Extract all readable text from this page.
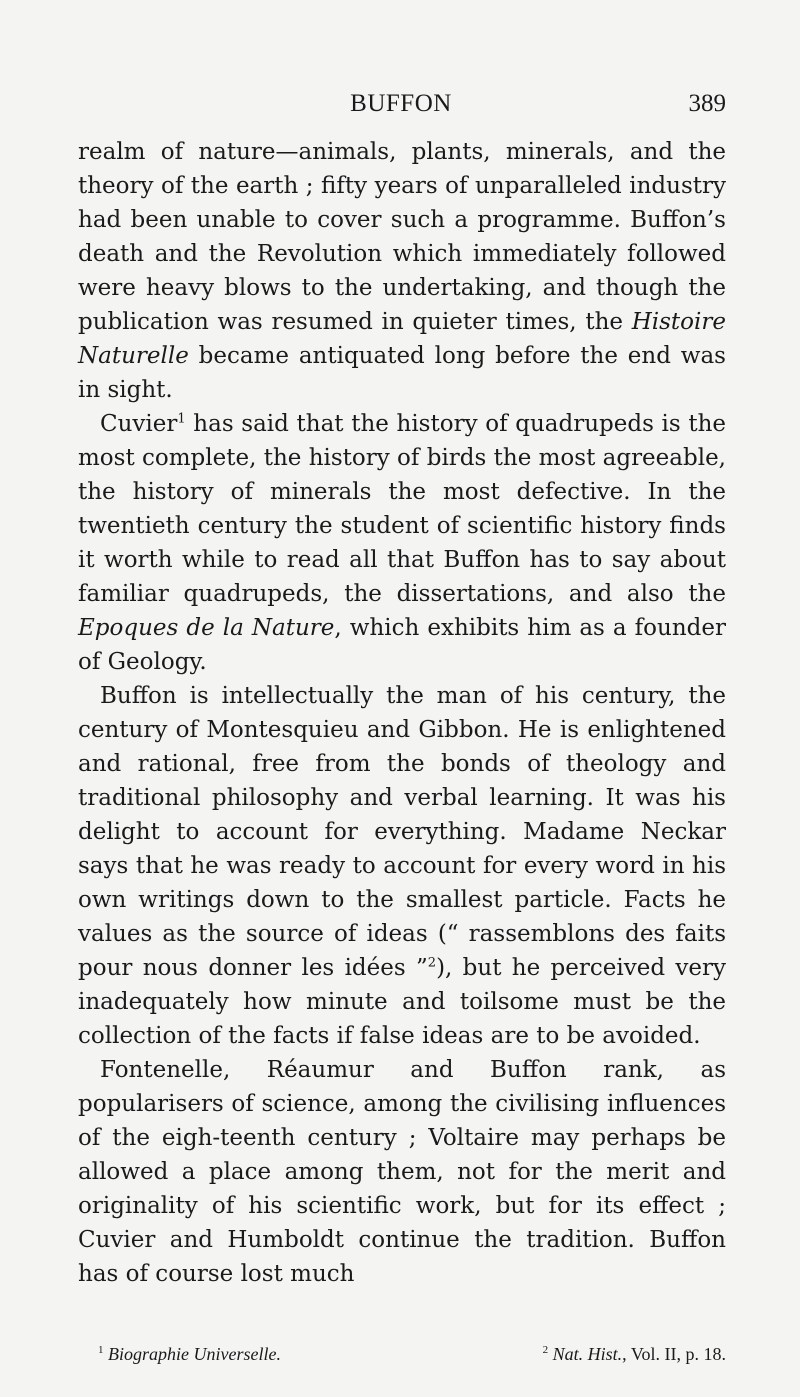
BUFFON	389

realm of nature—animals, plants, minerals, and the theory of the earth ; fifty years of unparalleled industry had been unable to cover such a programme. Buffon’s death and the Revolution which immediately followed were heavy blows to the undertaking, and though the publication was resumed in quieter times, the Histoire Naturelle became antiquated long before the end was in sight.

Cuvier$^1$ has said that the history of quadrupeds is the most complete, the history of birds the most agreeable, the history of minerals the most defective. In the twentieth century the student of scientific history finds it worth while to read all that Buffon has to say about familiar quadrupeds, the dissertations, and also the Epoques de la Nature, which exhibits him as a founder of Geology.

Buffon is intellectually the man of his century, the century of Montesquieu and Gibbon. He is enlightened and rational, free from the bonds of theology and traditional philosophy and verbal learning. It was his delight to account for everything. Madame Neckar says that he was ready to account for every word in his own writings down to the smallest particle. Facts he values as the source of ideas (“ rassemblons des faits pour nous donner les idées ”$^2$), but he perceived very inadequately how minute and toilsome must be the collection of the facts if false ideas are to be avoided.

Fontenelle, Réaumur and Buffon rank, as popularisers of science, among the civilising influences of the eigh-teenth century ; Voltaire may perhaps be allowed a place among them, not for the merit and originality of his scientific work, but for its effect ; Cuvier and Humboldt continue the tradition. Buffon has of course lost much

$^1$ Biographie Universelle.	$^2$ Nat. Hist., Vol. II, p. 18.
